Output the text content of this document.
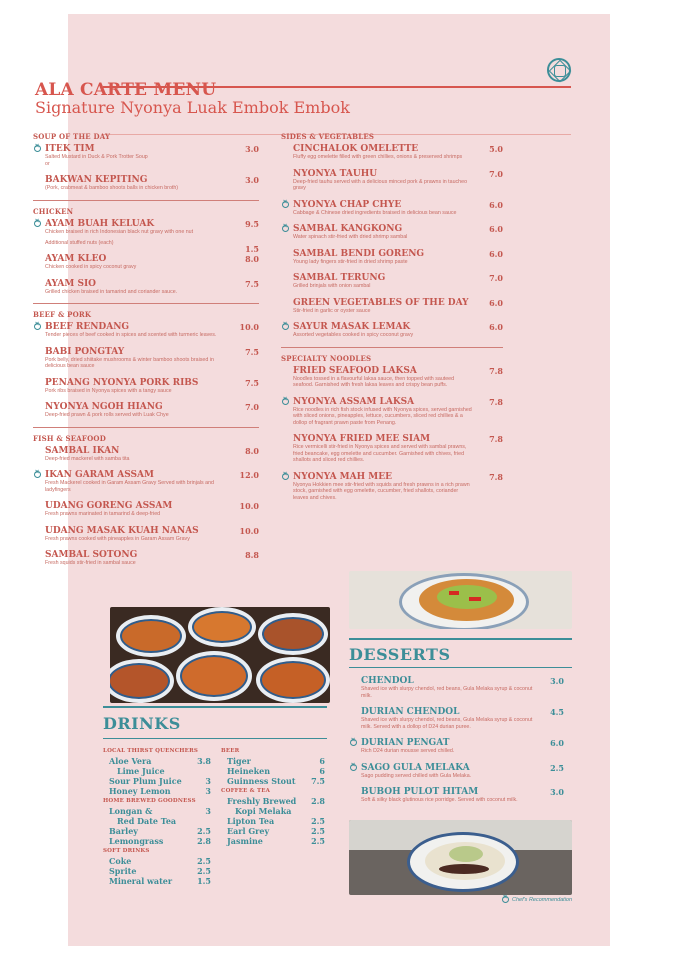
ALA CARTE MENU
Signature Nyonya Luak Embok Embok
SOUP OF THE DAY
×
ITEK TIM	3.0
Salted Mustard in Duck & Pork Trotter Soup
or
BAKWAN KEPITING	3.0
(Pork, crabmeat & bamboo shoots balls in chicken broth)
CHICKEN
×
AYAM BUAH KELUAK	9.5
Chicken braised in rich Indonesian black nut gravy with one nut
Additional stuffed nuts (each)
1.5
AYAM KLEO	8.0
Chicken cooked in spicy coconut gravy
AYAM SIO	7.5
Grilled chicken braised in tamarind and coriander sauce.
BEEF & PORK
×
BEEF RENDANG	10.0
Tender pieces of beef cooked in spices and scented with turmeric leaves.
BABI PONGTAY	7.5
Pork belly, dried shiitake mushrooms & winter bamboo shoots braised in delicious bean sauce
PENANG NYONYA PORK RIBS	7.5
Pork ribs braised in Nyonya spices with a tangy sauce
NYONYA NGOH HIANG	7.0
Deep-fried prawn & pork rolls served with Luak Chye
FISH & SEAFOOD
SAMBAL IKAN	8.0
Deep-fried mackerel with samba tita
×
IKAN GARAM ASSAM	12.0
Fresh Mackerel cooked in Garam Assam Gravy Served with brinjals and ladyfingers
UDANG GORENG ASSAM	10.0
Fresh prawns marinated in tamarind & deep-fried
UDANG MASAK KUAH NANAS	10.0
Fresh prawns cooked with pineapples in Garam Assam Gravy
SAMBAL SOTONG	8.8
Fresh squids stir-fried in sambal sauce
SIDES & VEGETABLES
CINCHALOK OMELETTE	5.0
Fluffy egg omelette filled with green chillies, onions & preserved shrimps
NYONYA TAUHU	7.0
Deep-fried tauhu served with a delicious minced pork & prawns in taucheo gravy
×
NYONYA CHAP CHYE	6.0
Cabbage & Chinese dried ingredients braised in delicious bean sauce
×
SAMBAL KANGKONG	6.0
Water spinach stir-fried with dried shrimp sambal
SAMBAL BENDI GORENG	6.0
Young lady fingers stir-fried in dried shrimp paste
SAMBAL TERUNG	7.0
Grilled brinjals with onion sambal
GREEN VEGETABLES OF THE DAY	6.0
Stir-fried in garlic or oyster sauce
×
SAYUR MASAK LEMAK	6.0
Assorted vegetables cooked in spicy coconut gravy
SPECIALTY NOODLES
FRIED SEAFOOD LAKSA	7.8
Noodles tossed in a flavourful laksa sauce, then topped with sauteed seafood. Garnished with fresh laksa leaves and crispy bean puffs.
×
NYONYA ASSAM LAKSA	7.8
Rice noodles in rich fish stock infused with Nyonya spices, served garnished with sliced onions, pineapples, lettuce, cucumbers, sliced red chillies & a dollop of fragrant prawn paste from Penang.
NYONYA FRIED MEE SIAM	7.8
Rice vermicelli stir-fried in Nyonya spices and served with sambal prawns, fried beancake, egg omelette and cucumber. Garnished with chives, fried shallots and sliced red chillies.
×
NYONYA MAH MEE	7.8
Nyonya Hokkien mee stir-fried with squids and fresh prawns in a rich prawn stock, garnished with egg omelette, cucumber, fried shallots, coriander leaves and chives.
DRINKS
LOCAL THIRST QUENCHERS
Aloe Vera	3.8
Lime Juice
Sour Plum Juice	3
Honey Lemon	3
HOME BREWED GOODNESS
Longan &	3
Red Date Tea
Barley	2.5
Lemongrass	2.8
SOFT DRINKS
Coke	2.5
Sprite	2.5
Mineral water	1.5
BEER
Tiger	6
Heineken	6
Guinness Stout 7.5
COFFEE & TEA
Freshly Brewed 2.8
Kopi Melaka
Lipton Tea	2.5
Earl Grey	2.5
Jasmine	2.5
DESSERTS
CHENDOL	3.0
Shaved ice with slurpy chendol, red beans, Gula Melaka syrup & coconut milk.
DURIAN CHENDOL	4.5
Shaved ice with slurpy chendol, red beans, Gula Melaka syrup & coconut milk. Served with a dollop of D24 durian puree.
×
DURIAN PENGAT	6.0
Rich D24 durian mousse served chilled.
×
SAGO GULA MELAKA	2.5
Sago pudding served chilled with Gula Melaka.
BUBOH PULOT HITAM	3.0
Soft & silky black glutinous rice porridge. Served with coconut milk.
×
Chef's Recommendation
